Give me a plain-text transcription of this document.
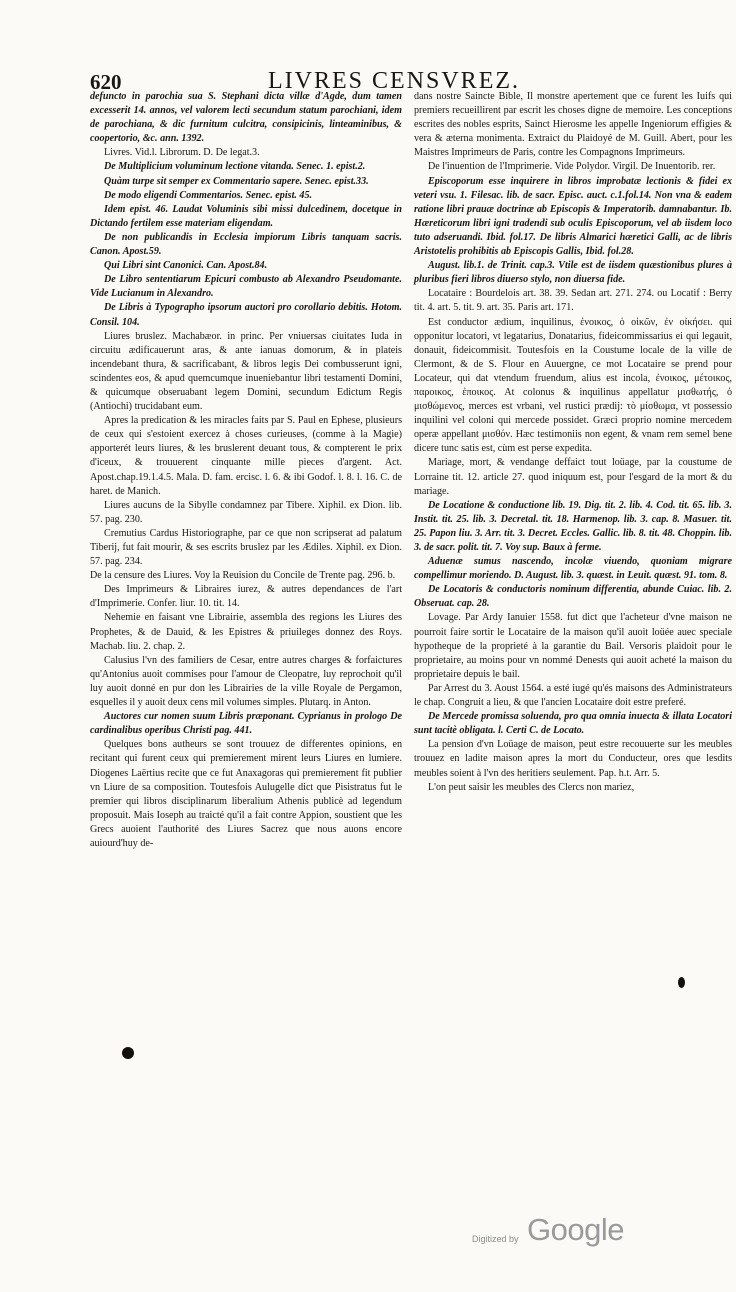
620	LIVRES CENSVREZ.

defuncto in parochia sua S. Stephani dicta villæ d'Agde, dum tamen excesserit 14. annos, vel valorem lecti secundum statum parochiani, idem de parochiana, & dic furnitum culcitra, consipicinis, linteaminibus, & coopertorio, &c. ann. 1392.

Livres. Vid.l. Librorum. D. De legat.3.

De Multiplicium voluminum lectione vitanda. Senec. 1. epist.2.

Quàm turpe sit semper ex Commentario sapere. Senec. epist.33.

De modo eligendi Commentarios. Senec. epist. 45.

Idem epist. 46. Laudat Voluminis sibi missi dulcedinem, docetque in Dictando fertilem esse materiam eligendam.

De non publicandis in Ecclesia impiorum Libris tanquam sacris. Canon. Apost.59.

Qui Libri sint Canonici. Can. Apost.84.

De Libro sententiarum Epicuri combusto ab Alexandro Pseudomante. Vide Lucianum in Alexandro.

De Libris à Typographo ipsorum auctori pro corollario debitis. Hotom. Consil. 104.

Liures bruslez. Machabæor. in princ. Per vniuersas ciuitates Iuda in circuitu ædificauerunt aras, & ante ianuas domorum, & in plateis incendebant thura, & sacrificabant, & libros legis Dei combusserunt igni, scindentes eos, & apud quemcumque inueniebantur libri testamenti Domini, & quicumque obseruabant legem Domini, secundum Edictum Regis (Antiochi) trucidabant eum.

Apres la predication & les miracles faits par S. Paul en Ephese, plusieurs de ceux qui s'estoient exercez à choses curieuses, (comme à la Magie) apporterét leurs liures, & les bruslerent deuant tous, & compterent le prix d'iceux, & trouuerent cinquante mille pieces d'argent. Act. Apost.chap.19.1.4.5. Mala. D. fam. ercisc. l. 6. & ibi Godof. l. 8. l. 16. C. de haret. de Manich.

Liures aucuns de la Sibylle condamnez par Tibere. Xiphil. ex Dion. lib. 57. pag. 230.

Cremutius Cardus Historiographe, par ce que non scripserat ad palatum Tiberij, fut fait mourir, & ses escrits bruslez par les Ædiles. Xiphil. ex Dion. 57. pag. 234.

De la censure des Liures. Voy la Reuision du Concile de Trente pag. 296. b.

Des Imprimeurs & Libraires iurez, & autres dependances de l'art d'Imprimerie. Confer. liur. 10. tit. 14.

Nehemie en faisant vne Librairie, assembla des regions les Liures des Prophetes, & de Dauid, & les Epistres & priuileges donnez des Roys. Machab. liu. 2. chap. 2.

Calusius l'vn des familiers de Cesar, entre autres charges & forfaictures qu'Antonius auoit commises pour l'amour de Cleopatre, luy reprochoit qu'il luy auoit donné en pur don les Librairies de la ville Royale de Pergamon, esquelles il y auoit deux cens mil volumes simples. Plutarq. in Anton.

Auctores cur nomen suum Libris præponant. Cyprianus in prologo De cardinalibus operibus Christi pag. 441.

Quelques bons autheurs se sont trouuez de differentes opinions, en recitant qui furent ceux qui premierement mirent leurs Liures en lumiere. Diogenes Laërtius recite que ce fut Anaxagoras qui premierement fit publier vn Liure de sa composition. Toutesfois Aulugelle dict que Pisistratus fut le premier qui libros disciplinarum liberalium Athenis publicè ad legendum proposuit. Mais Ioseph au traicté qu'il a fait contre Appion, soustient que les Grecs auoient l'authorité des Liures Sacrez que nous auons encore auiourd'huy de-

dans nostre Saincte Bible, Il monstre apertement que ce furent les Iuifs qui premiers recueillirent par escrit les choses digne de memoire. Les conceptions escrites des nobles esprits, Sainct Hierosme les appelle Ingeniorum effigies & vera & æterna monimenta. Extraict du Plaidoyé de M. Guill. Abert, pour les Maistres Imprimeurs de Paris, contre les Compagnons Imprimeurs.

De l'inuention de l'Imprimerie. Vide Polydor. Virgil. De Inuentorib. rer.

Episcoporum esse inquirere in libros improbatæ lectionis & fidei ex veteri vsu. 1. Filesac. lib. de sacr. Episc. auct. c.1.fol.14. Non vna & eadem ratione libri prauæ doctrinæ ab Episcopis & Imperatorib. damnabantur. Ib. Hæreticorum libri igni tradendi sub oculis Episcoporum, vel ab iisdem loco tuto adseruandi. Ibid. fol.17. De libris Almarici hæretici Galli, ac de libris Aristotelis prohibitis ab Episcopis Gallis, Ibid. fol.28.

August. lib.1. de Trinit. cap.3. Vtile est de iisdem quæstionibus plures à pluribus fieri libros diuerso stylo, non diuersa fide.

Locataire : Bourdelois art. 38. 39. Sedan art. 271. 274. ou Locatif : Berry tit. 4. art. 5. tit. 9. art. 35. Paris art. 171.

Est conductor ædium, inquilinus, ἐνοικος, ὁ οἰκῶν, ἐν οἰκήσει. qui opponitur locatori, vt legatarius, Donatarius, fideicommissarius ei qui legauit, donauit, fideicommisit. Toutesfois en la Coustume locale de la ville de Clermont, & de S. Flour en Auuergne, ce mot Locataire se prend pour Locateur, qui dat vtendum fruendum, alius est incola, ἐνοικος, μέτοικος, παροικος, ἐποικος. At colonus & inquilinus appellatur μισθωτής, ὁ μισθώμενος, merces est vrbani, vel rustici prædij: τὸ μίσθωμα, vt possessio inquilini vel coloni qui mercede possidet. Græci proprio nomine mercedem operæ appellant μισθόν. Hæc testimoniis non egent, & vnam rem semel bene dicere tunc satis est, cùm est perse expedita.

Mariage, mort, & vendange deffaict tout loüage, par la coustume de Lorraine tit. 12. article 27. quod iniquum est, pour l'esgard de la mort & du mariage.

De Locatione & conductione lib. 19. Dig. tit. 2. lib. 4. Cod. tit. 65. lib. 3. Instit. tit. 25. lib. 3. Decretal. tit. 18. Harmenop. lib. 3. cap. 8. Masuer. tit. 25. Papon liu. 3. Arr. tit. 3. Decret. Eccles. Gallic. lib. 8. tit. 48. Choppin. lib. 3. de sacr. polit. tit. 7. Voy sup. Baux à ferme.

Aduenæ sumus nascendo, incolæ viuendo, quoniam migrare compellimur moriendo. D. August. lib. 3. quæst. in Leuit. quæst. 91. tom. 8.

De Locatoris & conductoris nominum differentia, abunde Cuiac. lib. 2. Obseruat. cap. 28.

Lovage. Par Ardy Ianuier 1558. fut dict que l'acheteur d'vne maison ne pourroit faire sortir le Locataire de la maison qu'il auoit loüée auec speciale hypotheque de la proprieté à la garantie du Bail. Versoris plaidoit pour le proprietaire, au moins pour vn nommé Denests qui auoit acheté la maison du proprietaire depuis le bail.

Par Arrest du 3. Aoust 1564. a esté iugé qu'és maisons des Administrateurs le chap. Congruit a lieu, & que l'ancien Locataire doit estre preferé.

De Mercede promissa soluenda, pro qua omnia inuecta & illata Locatori sunt tacitè obligata. l. Certi C. de Locato.

La pension d'vn Loüage de maison, peut estre recouuerte sur les meubles trouuez en ladite maison apres la mort du Conducteur, ores que lesdits meubles soient à l'vn des heritiers seulement. Pap. h.t. Arr. 5.

L'on peut saisir les meubles des Clercs non mariez,

Digitized by Google
